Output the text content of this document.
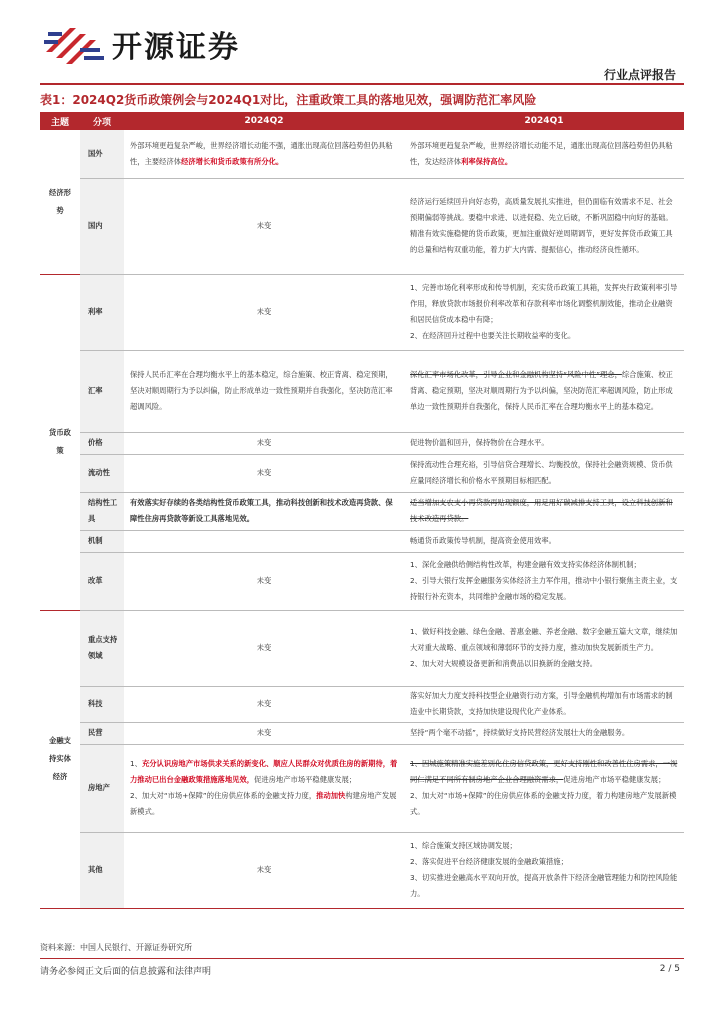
开源证券
行业点评报告
表1：2024Q2货币政策例会与2024Q1对比，注重政策工具的落地见效，强调防范汇率风险
主题	分项	2024Q2	2024Q1
经济形势	国外	外部环境更趋复杂严峻，世界经济增长动能不强，通胀出现高位回落趋势但仍具粘性，主要经济体经济增长和货币政策有所分化。	外部环境更趋复杂严峻，世界经济增长动能不足，通胀出现高位回落趋势但仍具粘性，发达经济体利率保持高位。
	国内	未变	经济运行延续回升向好态势，高质量发展扎实推进，但仍面临有效需求不足、社会预期偏弱等挑战。要稳中求进、以进促稳、先立后破，不断巩固稳中向好的基础。精准有效实施稳健的货币政策，更加注重做好逆周期调节，更好发挥货币政策工具的总量和结构双重功能，着力扩大内需、提振信心，推动经济良性循环。
货币政策	利率	未变	1、完善市场化利率形成和传导机制，充实货币政策工具箱，发挥央行政策利率引导作用，释放贷款市场报价利率改革和存款利率市场化调整机制效能，推动企业融资和居民信贷成本稳中有降；
2、在经济回升过程中也要关注长期收益率的变化。

	汇率	保持人民币汇率在合理均衡水平上的基本稳定，综合施策、校正背离、稳定预期，坚决对顺周期行为予以纠偏，防止形成单边一致性预期并自我强化，坚决防范汇率超调风险。	深化汇率市场化改革，引导企业和金融机构坚持“风险中性”理念，综合施策、校正背离、稳定预期，坚决对顺周期行为予以纠偏，坚决防范汇率超调风险，防止形成单边一致性预期并自我强化，保持人民币汇率在合理均衡水平上的基本稳定。
	价格	未变	促进物价温和回升，保持物价在合理水平。
	流动性	未变	保持流动性合理充裕，引导信贷合理增长、均衡投放，保持社会融资规模、货币供应量同经济增长和价格水平预期目标相匹配。
	结构性工具	有效落实好存续的各类结构性货币政策工具，推动科技创新和技术改造再贷款、保障性住房再贷款等新设工具落地见效。	适当增加支农支小再贷款再贴现额度，用足用好碳减排支持工具，设立科技创新和技术改造再贷款。
	机制		畅通货币政策传导机制，提高资金使用效率。
	改革	未变	1、深化金融供给侧结构性改革，构建金融有效支持实体经济体制机制；
2、引导大银行发挥金融服务实体经济主力军作用，推动中小银行聚焦主责主业，支持银行补充资本，共同维护金融市场的稳定发展。

金融支持实体经济	重点支持领域	未变	1、做好科技金融、绿色金融、普惠金融、养老金融、数字金融五篇大文章，继续加大对重大战略、重点领域和薄弱环节的支持力度，推动加快发展新质生产力。
2、加大对大规模设备更新和消费品以旧换新的金融支持。

	科技	未变	落实好加大力度支持科技型企业融资行动方案，引导金融机构增加有市场需求的制造业中长期贷款，支持加快建设现代化产业体系。
	民营	未变	坚持“两个毫不动摇”，持续做好支持民营经济发展壮大的金融服务。
	房地产	1、充分认识房地产市场供求关系的新变化、顺应人民群众对优质住房的新期待，着力推动已出台金融政策措施落地见效，促进房地产市场平稳健康发展；
2、加大对“市场+保障”的住房供应体系的金融支持力度，推动加快构建房地产发展新模式。	1、因城施策精准实施差别化住房信贷政策，更好支持刚性和改善性住房需求，一视同仁满足不同所有制房地产企业合理融资需求，促进房地产市场平稳健康发展；
2、加大对“市场+保障”的住房供应体系的金融支持力度，着力构建房地产发展新模式。

	其他	未变	1、综合施策支持区域协调发展；
2、落实促进平台经济健康发展的金融政策措施；
3、切实推进金融高水平双向开放，提高开放条件下经济金融管理能力和防控风险能力。
资料来源：中国人民银行、开源证券研究所
请务必参阅正文后面的信息披露和法律声明	2 / 5
